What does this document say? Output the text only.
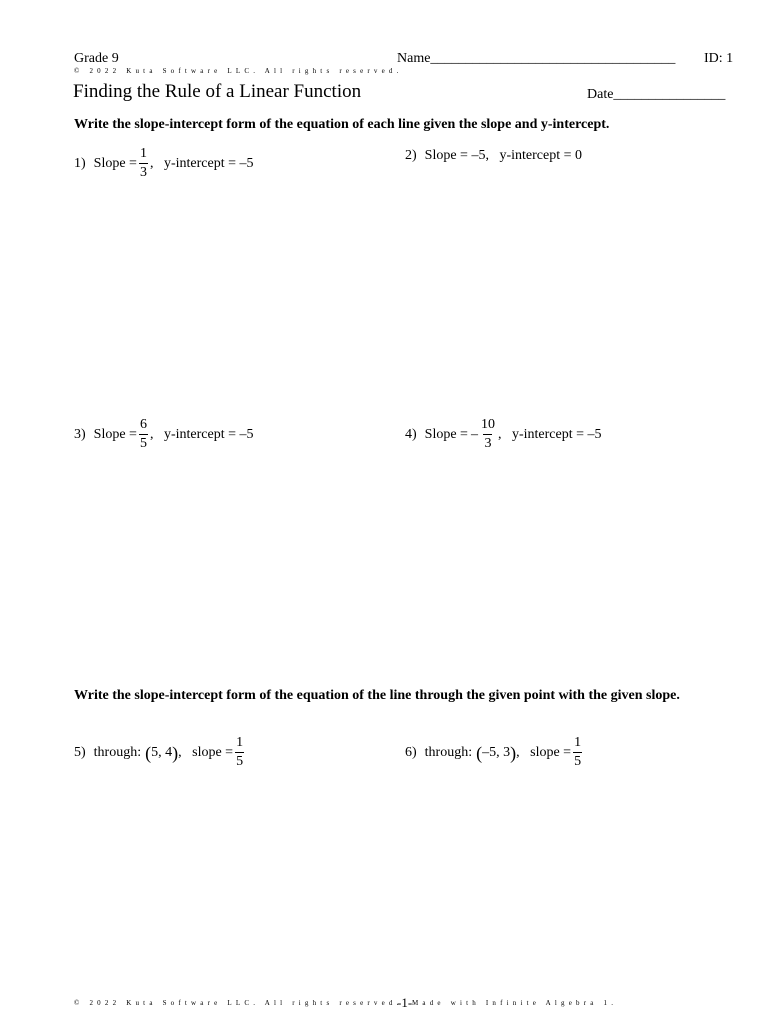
Grade 9	Name___________________________________ ID: 1
© 2022 Kuta Software LLC. All rights reserved.
Finding the Rule of a Linear Function	Date________________
Write the slope-intercept form of the equation of each line given the slope and y-intercept.
1) Slope = $\frac{1}{3}$ ,   y-intercept = –5	2) Slope = –5,   y-intercept = 0
3) Slope = $\frac{6}{5}$ ,   y-intercept = –5	4) Slope = – $\frac{10}{3}$ ,   y-intercept = –5
Write the slope-intercept form of the equation of the line through the given point with the given slope.
5) through: ( 5, 4 ) ,   slope = $\frac{1}{5}$	6) through: ( –5, 3 ) ,   slope = $\frac{1}{5}$
© 2022 Kuta Software LLC. All rights reserved.
-1- Made with Infinite Algebra 1.
